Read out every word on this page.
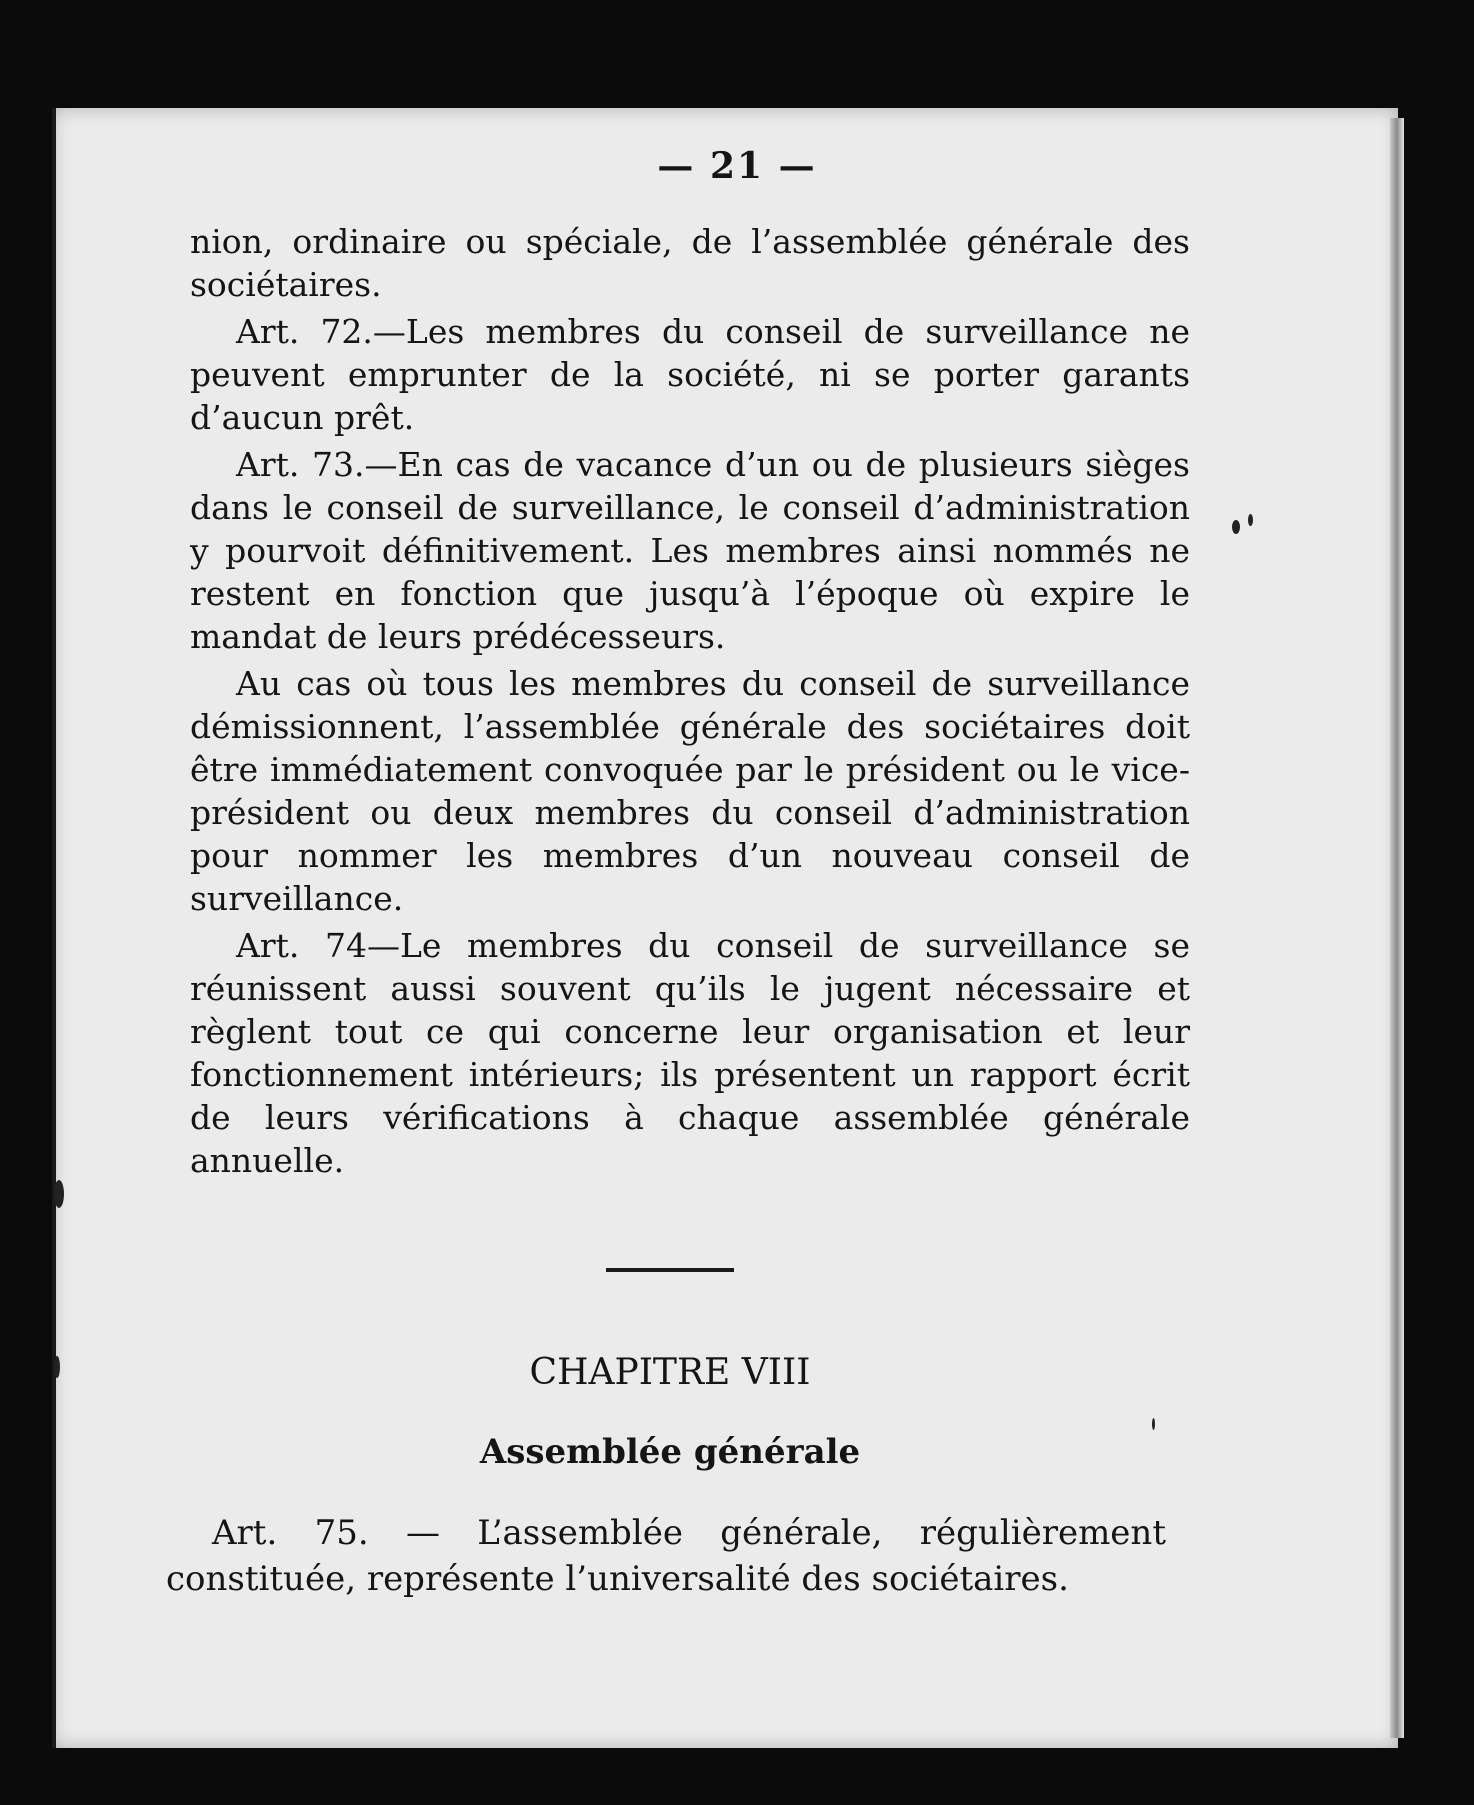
— 21 —

nion, ordinaire ou spéciale, de l’assemblée générale des sociétaires.

Art. 72.—Les membres du conseil de surveillance ne peuvent emprunter de la société, ni se porter garants d’aucun prêt.

Art. 73.—En cas de vacance d’un ou de plusieurs sièges dans le conseil de surveillance, le conseil d’administration y pourvoit définitivement. Les membres ainsi nommés ne restent en fonction que jusqu’à l’époque où expire le mandat de leurs prédécesseurs.

Au cas où tous les membres du conseil de surveillance démissionnent, l’assemblée générale des sociétaires doit être immédiatement convoquée par le président ou le vice-président ou deux membres du conseil d’administration pour nommer les membres d’un nouveau conseil de surveillance.

Art. 74—Le membres du conseil de surveillance se réunissent aussi souvent qu’ils le jugent nécessaire et règlent tout ce qui concerne leur organisation et leur fonctionnement intérieurs; ils présentent un rapport écrit de leurs vérifications à chaque assemblée générale annuelle.

CHAPITRE VIII
Assemblée générale

Art. 75. — L’assemblée générale, régulièrement constituée, représente l’universalité des sociétaires.
